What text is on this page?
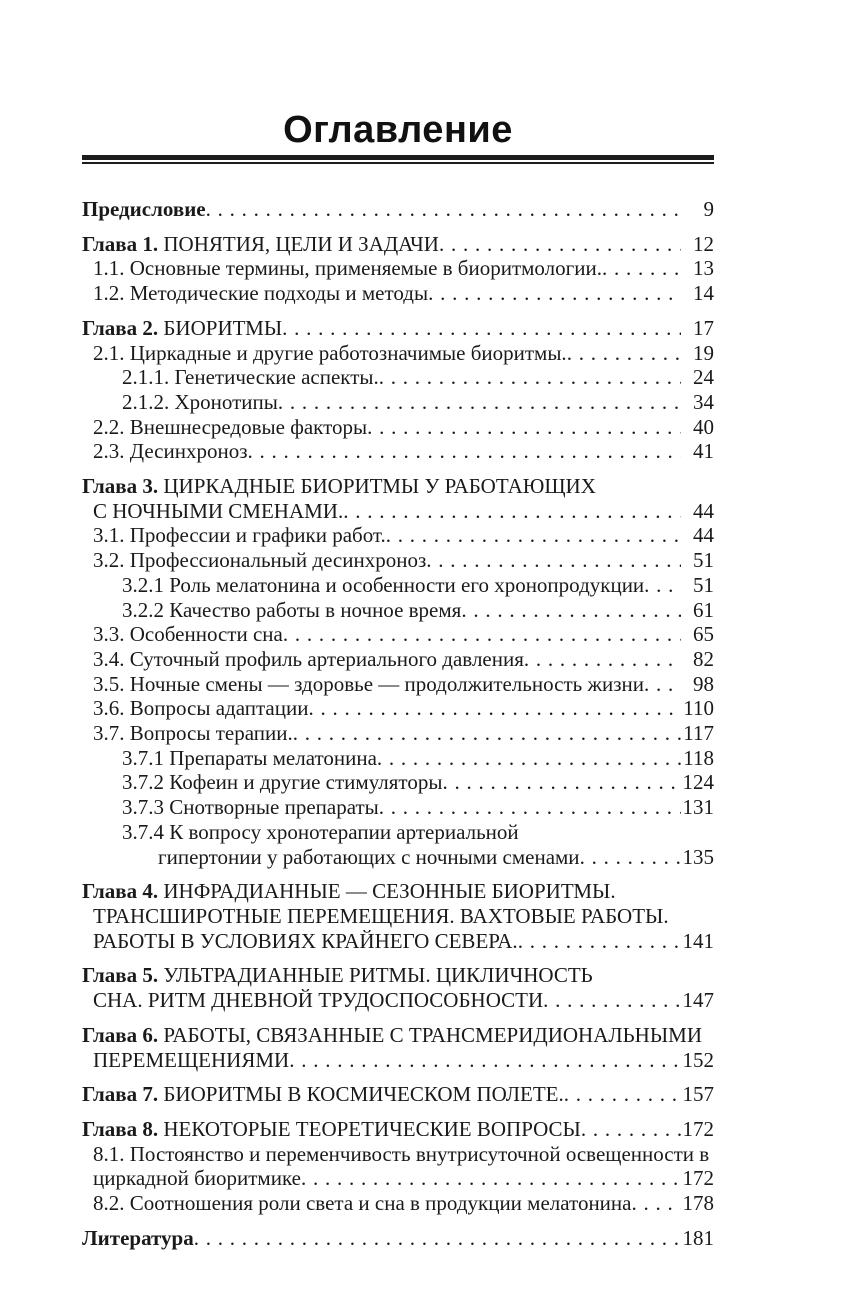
Оглавление
Предисловие . . .	9
Глава 1. ПОНЯТИЯ, ЦЕЛИ И ЗАДАЧИ . . .	12
1.1. Основные термины, применяемые в биоритмологии. . . .	13
1.2. Методические подходы и методы . . .	14
Глава 2. БИОРИТМЫ . . .	17
2.1. Циркадные и другие работозначимые биоритмы. . . .	19
2.1.1. Генетические аспекты. . . .	24
2.1.2. Хронотипы . . .	34
2.2. Внешнесредовые факторы . . .	40
2.3. Десинхроноз . . .	41
Глава 3. ЦИРКАДНЫЕ БИОРИТМЫ У РАБОТАЮЩИХ
С НОЧНЫМИ СМЕНАМИ. . . .	44
3.1. Профессии и графики работ. . . .	44
3.2. Профессиональный десинхроноз . . .	51
3.2.1 Роль мелатонина и особенности его хронопродукции . . .	51
3.2.2 Качество работы в ночное время . . .	61
3.3. Особенности сна . . .	65
3.4. Суточный профиль артериального давления . . .	82
3.5. Ночные смены — здоровье — продолжительность жизни . . .	98
3.6. Вопросы адаптации . . .	110
3.7. Вопросы терапии. . . .	117
3.7.1 Препараты мелатонина . . .	118
3.7.2 Кофеин и другие стимуляторы . . .	124
3.7.3 Снотворные препараты . . .	131
3.7.4 К вопросу хронотерапии артериальной
гипертонии у работающих с ночными сменами . . .	135
Глава 4. ИНФРАДИАННЫЕ — СЕЗОННЫЕ БИОРИТМЫ.
ТРАНСШИРОТНЫЕ ПЕРЕМЕЩЕНИЯ. ВАХТОВЫЕ РАБОТЫ.
РАБОТЫ В УСЛОВИЯХ КРАЙНЕГО СЕВЕРА. . . .	141
Глава 5. УЛЬТРАДИАННЫЕ РИТМЫ. ЦИКЛИЧНОСТЬ
СНА. РИТМ ДНЕВНОЙ ТРУДОСПОСОБНОСТИ . . .	147
Глава 6. РАБОТЫ, СВЯЗАННЫЕ С ТРАНСМЕРИДИОНАЛЬНЫМИ
ПЕРЕМЕЩЕНИЯМИ . . .	152
Глава 7. БИОРИТМЫ В КОСМИЧЕСКОМ ПОЛЕТЕ. . . .	157
Глава 8. НЕКОТОРЫЕ ТЕОРЕТИЧЕСКИЕ ВОПРОСЫ . . .	172
8.1. Постоянство и переменчивость внутрисуточной освещенности в
циркадной биоритмике . . .	172
8.2. Соотношения роли света и сна в продукции мелатонина . . . 178
Литература . . .	181
